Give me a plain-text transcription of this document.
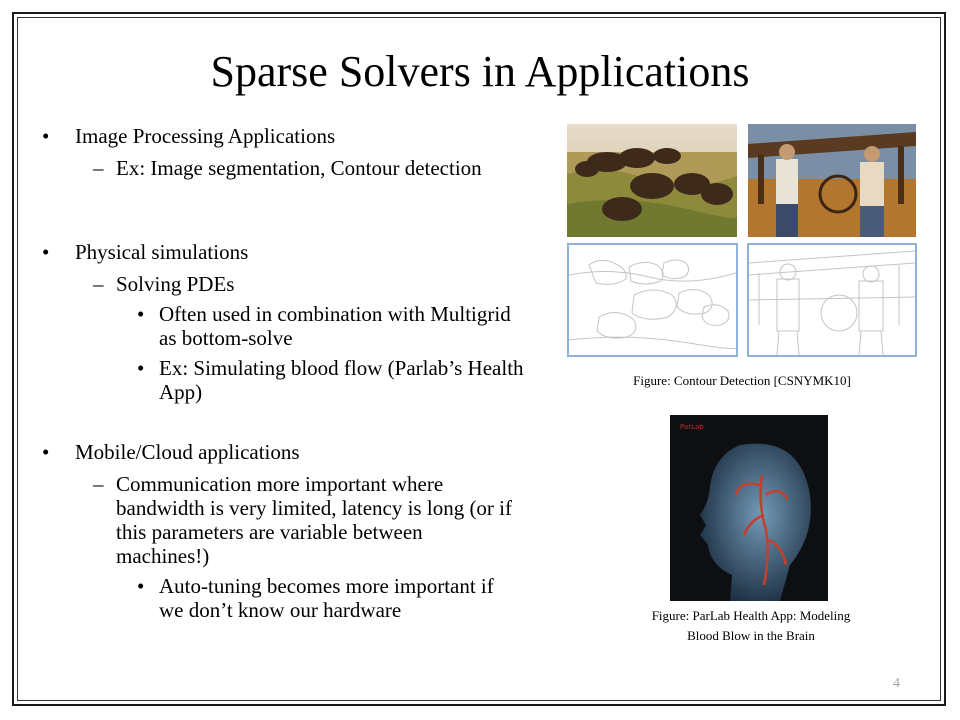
Sparse Solvers in Applications
• Image Processing Applications
– Ex: Image segmentation, Contour detection
• Physical simulations
– Solving PDEs
• Often used in combination with Multigrid as bottom-solve
• Ex: Simulating blood flow (Parlab’s Health App)
• Mobile/Cloud applications
– Communication more important where bandwidth is very limited, latency is long (or if this parameters are variable between machines!)
• Auto-tuning becomes more important if we don’t know our hardware
Figure: Contour Detection [CSNYMK10]
ParLab
Figure: ParLab Health App: Modeling Blood Blow in the Brain
4
